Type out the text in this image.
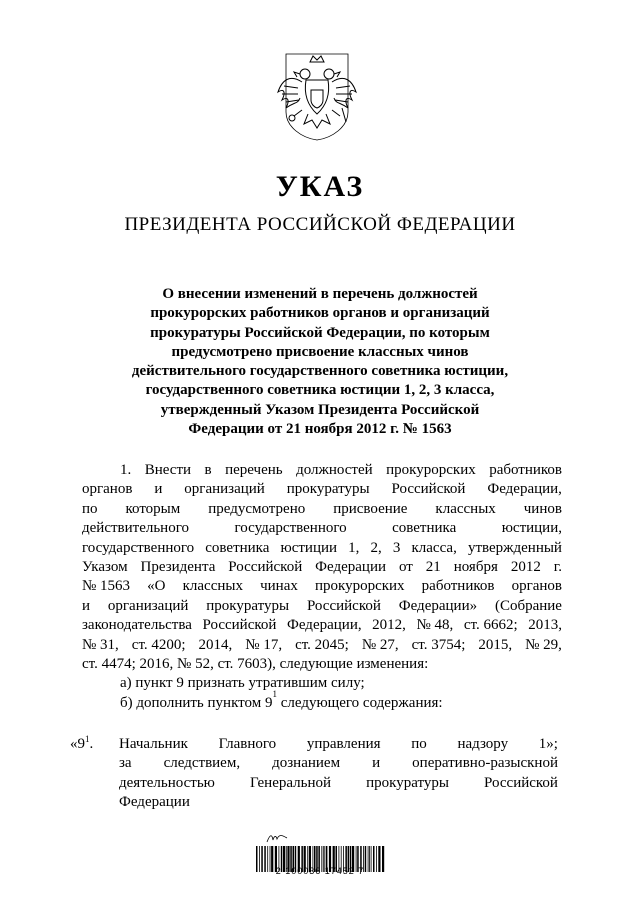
УКАЗ
ПРЕЗИДЕНТА РОССИЙСКОЙ ФЕДЕРАЦИИ
О внесении изменений в перечень должностей
прокурорских работников органов и организаций
прокуратуры Российской Федерации, по которым
предусмотрено присвоение классных чинов
действительного государственного советника юстиции,
государственного советника юстиции 1, 2, 3 класса,
утвержденный Указом Президента Российской
Федерации от 21 ноября 2012 г. № 1563
1. Внести в перечень должностей прокурорских работников
органов и организаций прокуратуры Российской Федерации,
по которым предусмотрено присвоение классных чинов
действительного	государственного	советника	юстиции,
государственного советника юстиции 1, 2, 3 класса, утвержденный
Указом Президента Российской Федерации от 21 ноября 2012 г.
№ 1563 «О классных чинах прокурорских работников органов
и организаций прокуратуры Российской Федерации» (Собрание
законодательства Российской Федерации, 2012, № 48, ст. 6662; 2013,
№ 31, ст. 4200; 2014, № 17, ст. 2045; № 27, ст. 3754; 2015, № 29,
ст. 4474; 2016, № 52, ст. 7603), следующие изменения:
а) пункт 9 признать утратившим силу;
б) дополнить пунктом 9
1
следующего содержания:
«$9^1$. Начальник Главного управления по надзору 1»;
за следствием, дознанием и оперативно-разыскной
деятельностью Генеральной прокуратуры Российской
Федерации
2 100036 17452 7
